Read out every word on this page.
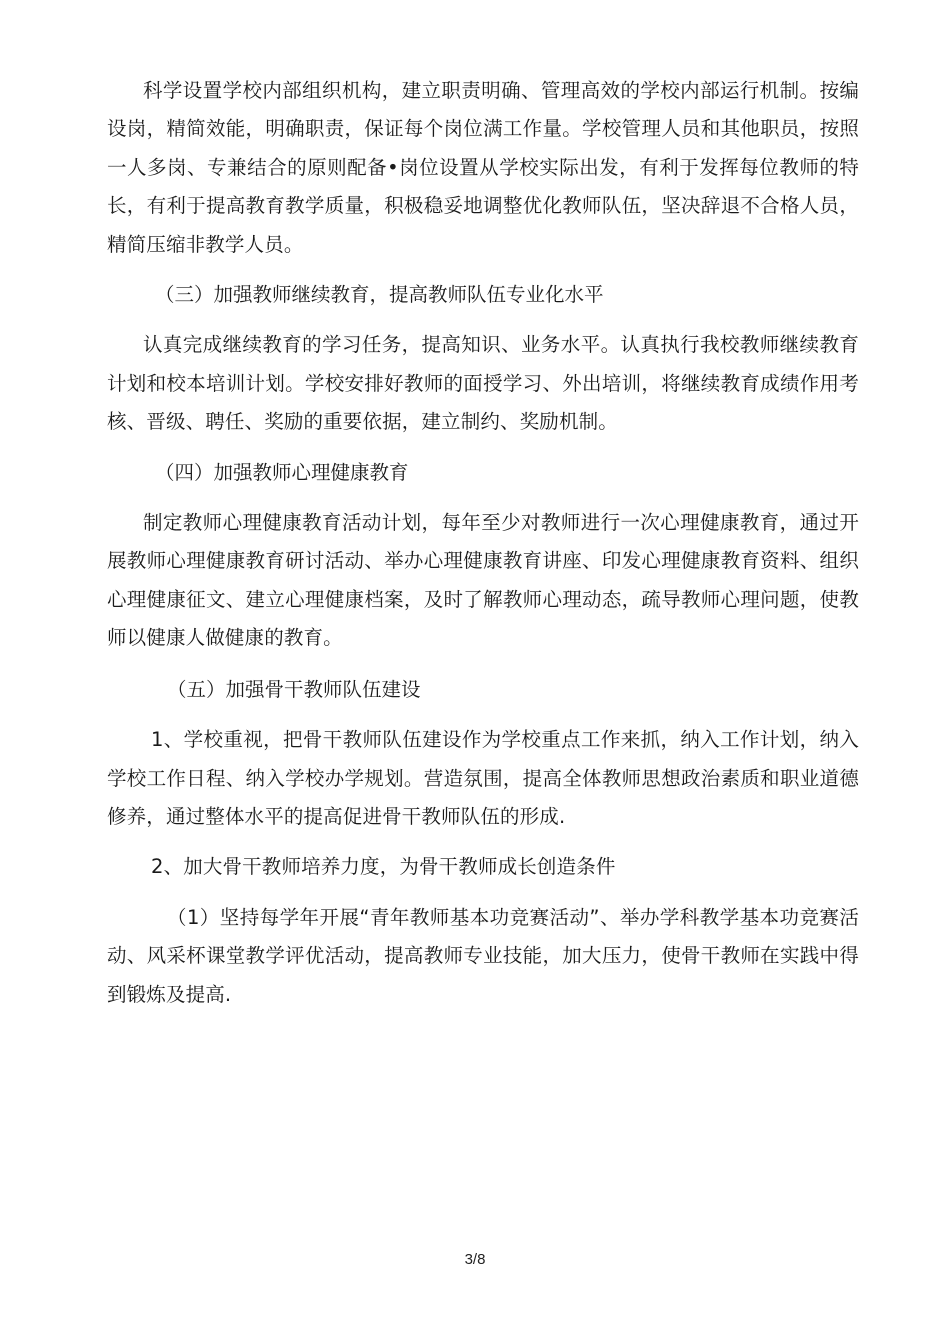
科学设置学校内部组织机构，建立职责明确、管理高效的学校内部运行机制。按编设岗，精简效能，明确职责，保证每个岗位满工作量。学校管理人员和其他职员，按照一人多岗、专兼结合的原则配备•岗位设置从学校实际出发，有利于发挥每位教师的特长，有利于提高教育教学质量，积极稳妥地调整优化教师队伍，坚决辞退不合格人员，精简压缩非教学人员。

（三）加强教师继续教育，提高教师队伍专业化水平

认真完成继续教育的学习任务，提高知识、业务水平。认真执行我校教师继续教育计划和校本培训计划。学校安排好教师的面授学习、外出培训，将继续教育成绩作用考核、晋级、聘任、奖励的重要依据，建立制约、奖励机制。

（四）加强教师心理健康教育

制定教师心理健康教育活动计划，每年至少对教师进行一次心理健康教育，通过开展教师心理健康教育研讨活动、举办心理健康教育讲座、印发心理健康教育资料、组织心理健康征文、建立心理健康档案，及时了解教师心理动态，疏导教师心理问题，使教师以健康人做健康的教育。

（五）加强骨干教师队伍建设

1、学校重视，把骨干教师队伍建设作为学校重点工作来抓，纳入工作计划，纳入学校工作日程、纳入学校办学规划。营造氛围，提高全体教师思想政治素质和职业道德修养，通过整体水平的提高促进骨干教师队伍的形成.

2、加大骨干教师培养力度，为骨干教师成长创造条件

（1）坚持每学年开展“青年教师基本功竞赛活动”、举办学科教学基本功竞赛活动、风采杯课堂教学评优活动，提高教师专业技能，加大压力，使骨干教师在实践中得到锻炼及提高.

3/8
